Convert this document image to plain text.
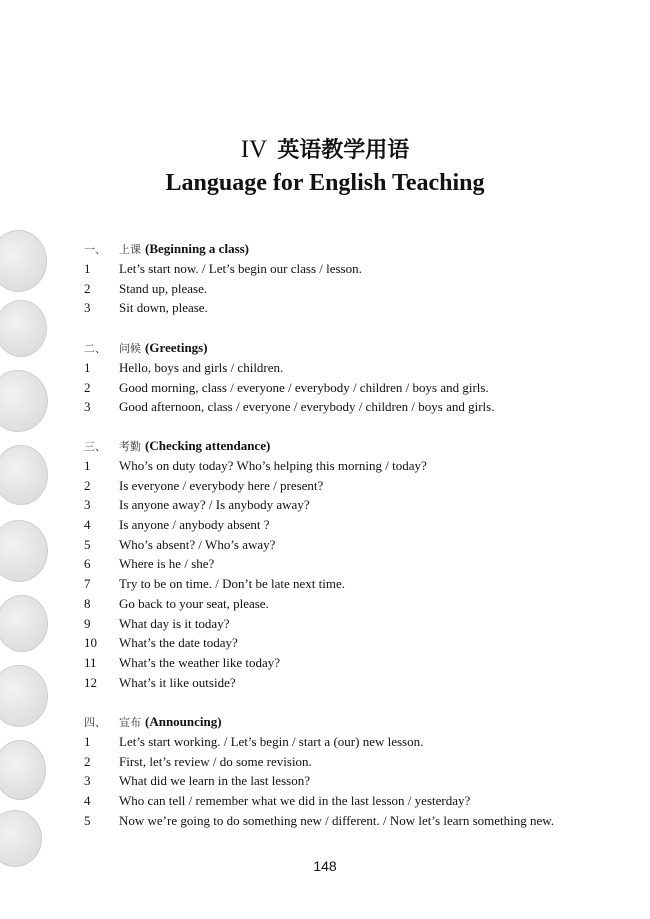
IV 英语教学用语
Language for English Teaching
一、 上课 (Beginning a class)
1 Let’s start now. / Let’s begin our class / lesson.
2 Stand up, please.
3 Sit down, please.
二、 问候 (Greetings)
1 Hello, boys and girls / children.
2 Good morning, class / everyone / everybody / children / boys and girls.
3 Good afternoon, class / everyone / everybody / children / boys and girls.
三、 考勤 (Checking attendance)
1 Who’s on duty today? Who’s helping this morning / today?
2 Is everyone / everybody here / present?
3 Is anyone away? / Is anybody away?
4 Is anyone / anybody absent ?
5 Who’s absent? / Who’s away?
6 Where is he / she?
7 Try to be on time. / Don’t be late next time.
8 Go back to your seat, please.
9 What day is it today?
10 What’s the date today?
11 What’s the weather like today?
12 What’s it like outside?
四、 宣布 (Announcing)
1 Let’s start working. / Let’s begin / start a (our) new lesson.
2 First, let’s review / do some revision.
3 What did we learn in the last lesson?
4 Who can tell / remember what we did in the last lesson / yesterday?
5 Now we’re going to do something new / different. / Now let’s learn something new.
148
